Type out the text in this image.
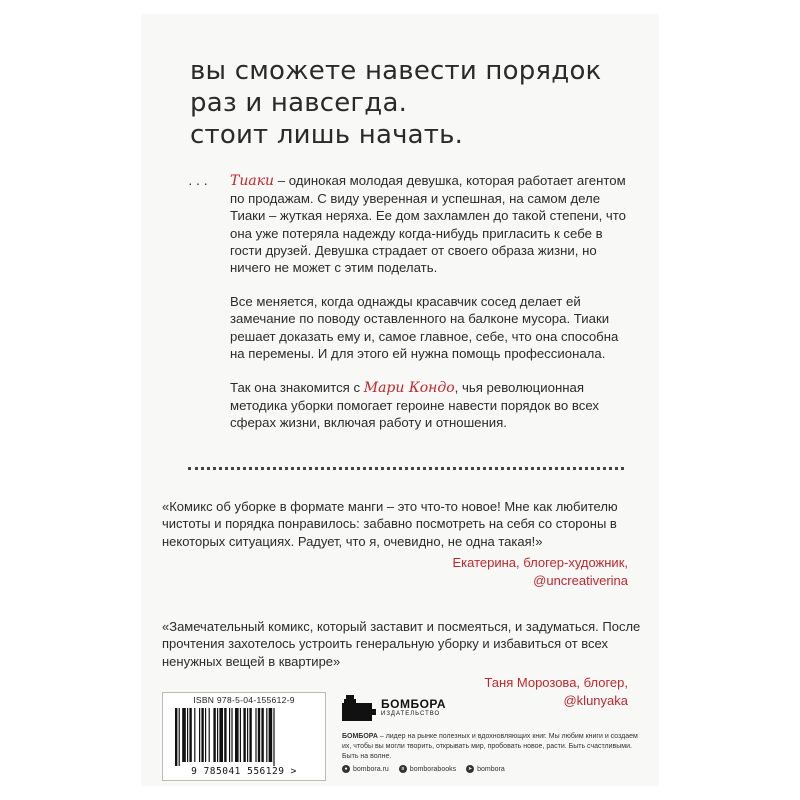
вы сможете навести порядок
раз и навсегда.
стоит лишь начать.
··· Тиаки – одинокая молодая девушка, которая работает агентом по продажам. С виду уверенная и успешная, на самом деле Тиаки – жуткая неряха. Ее дом захламлен до такой степени, что она уже потеряла надежду когда-нибудь пригласить к себе в гости друзей. Девушка страдает от своего образа жизни, но ничего не может с этим поделать.

Все меняется, когда однажды красавчик сосед делает ей замечание по поводу оставленного на балконе мусора. Тиаки решает доказать ему и, самое главное, себе, что она способна на перемены. И для этого ей нужна помощь профессионала.

Так она знакомится с Мари Кондо, чья революционная методика уборки помогает героине навести порядок во всех сферах жизни, включая работу и отношения.

«Комикс об уборке в формате манги – это что-то новое! Мне как любителю чистоты и порядка понравилось: забавно посмотреть на себя со стороны в некоторых ситуациях. Радует, что я, очевидно, не одна такая!»

Екатерина, блогер-художник,
@uncreativerina

«Замечательный комикс, который заставит и посмеяться, и задуматься. После прочтения захотелось устроить генеральную уборку и избавиться от всех ненужных вещей в квартире»

Таня Морозова, блогер,
@klunyaka
ISBN 978-5-04-155612-9
9 785041 556129 >
БОМБОРА
ИЗДАТЕЛЬСТВО
БОМБОРА – лидер на рынке полезных и вдохновляющих книг. Мы любим книги и создаем их, чтобы вы могли творить, открывать мир, пробовать новое, расти. Быть счастливыми. Быть на волне.
● bombora.ru	в bomborabooks	➤ bombora
